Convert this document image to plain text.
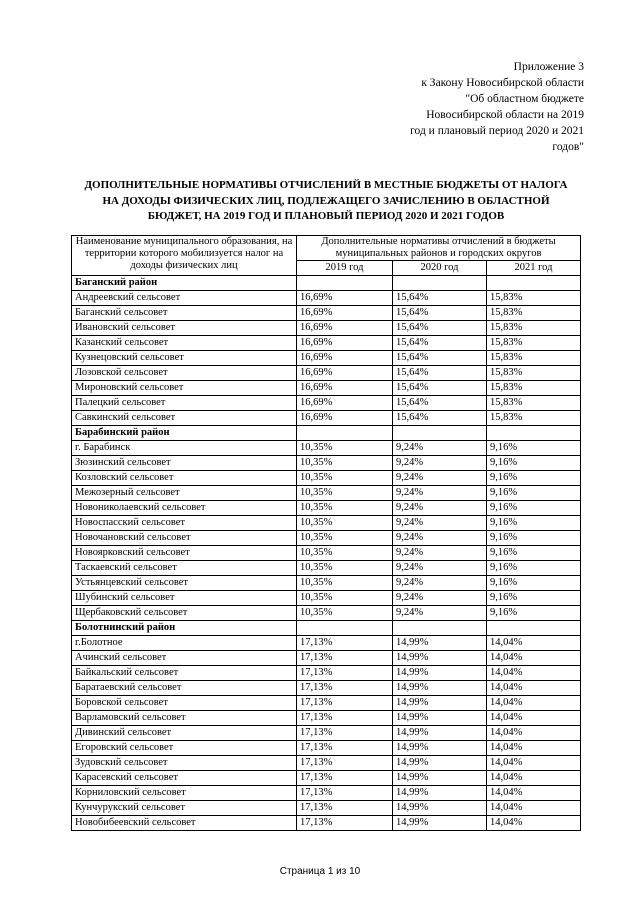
Приложение 3
к Закону Новосибирской области
"Об областном бюджете
Новосибирской области на 2019
год и плановый период 2020 и 2021
годов"
ДОПОЛНИТЕЛЬНЫЕ НОРМАТИВЫ ОТЧИСЛЕНИЙ В МЕСТНЫЕ БЮДЖЕТЫ ОТ НАЛОГА
НА ДОХОДЫ ФИЗИЧЕСКИХ ЛИЦ, ПОДЛЕЖАЩЕГО ЗАЧИСЛЕНИЮ В ОБЛАСТНОЙ
БЮДЖЕТ, НА 2019 ГОД И ПЛАНОВЫЙ ПЕРИОД 2020 И 2021 ГОДОВ
Наименование муниципального образования, на территории которого мобилизуется налог на доходы физических лиц	Дополнительные нормативы отчислений в бюджеты муниципальных районов и городских округов		
	2019 год	2020 год	2021 год
Баганский район			
Андреевский сельсовет	16,69%	15,64%	15,83%
Баганский сельсовет	16,69%	15,64%	15,83%
Ивановский сельсовет	16,69%	15,64%	15,83%
Казанский сельсовет	16,69%	15,64%	15,83%
Кузнецовский сельсовет	16,69%	15,64%	15,83%
Лозовской сельсовет	16,69%	15,64%	15,83%
Мироновский сельсовет	16,69%	15,64%	15,83%
Палецкий сельсовет	16,69%	15,64%	15,83%
Савкинский сельсовет	16,69%	15,64%	15,83%
Барабинский район			
г. Барабинск	10,35%	9,24%	9,16%
Зюзинский сельсовет	10,35%	9,24%	9,16%
Козловский сельсовет	10,35%	9,24%	9,16%
Межозерный сельсовет	10,35%	9,24%	9,16%
Новониколаевский сельсовет	10,35%	9,24%	9,16%
Новоспасский сельсовет	10,35%	9,24%	9,16%
Новочановский сельсовет	10,35%	9,24%	9,16%
Новоярковский сельсовет	10,35%	9,24%	9,16%
Таскаевский сельсовет	10,35%	9,24%	9,16%
Устьянцевский сельсовет	10,35%	9,24%	9,16%
Шубинский сельсовет	10,35%	9,24%	9,16%
Щербаковский сельсовет	10,35%	9,24%	9,16%
Болотнинский район			
г.Болотное	17,13%	14,99%	14,04%
Ачинский сельсовет	17,13%	14,99%	14,04%
Байкальский сельсовет	17,13%	14,99%	14,04%
Баратаевский сельсовет	17,13%	14,99%	14,04%
Боровской сельсовет	17,13%	14,99%	14,04%
Варламовский сельсовет	17,13%	14,99%	14,04%
Дивинский сельсовет	17,13%	14,99%	14,04%
Егоровский сельсовет	17,13%	14,99%	14,04%
Зудовский сельсовет	17,13%	14,99%	14,04%
Карасевский сельсовет	17,13%	14,99%	14,04%
Корниловский сельсовет	17,13%	14,99%	14,04%
Кунчурукский сельсовет	17,13%	14,99%	14,04%
Новобибеевский сельсовет	17,13%	14,99%	14,04%
Страница 1 из 10
